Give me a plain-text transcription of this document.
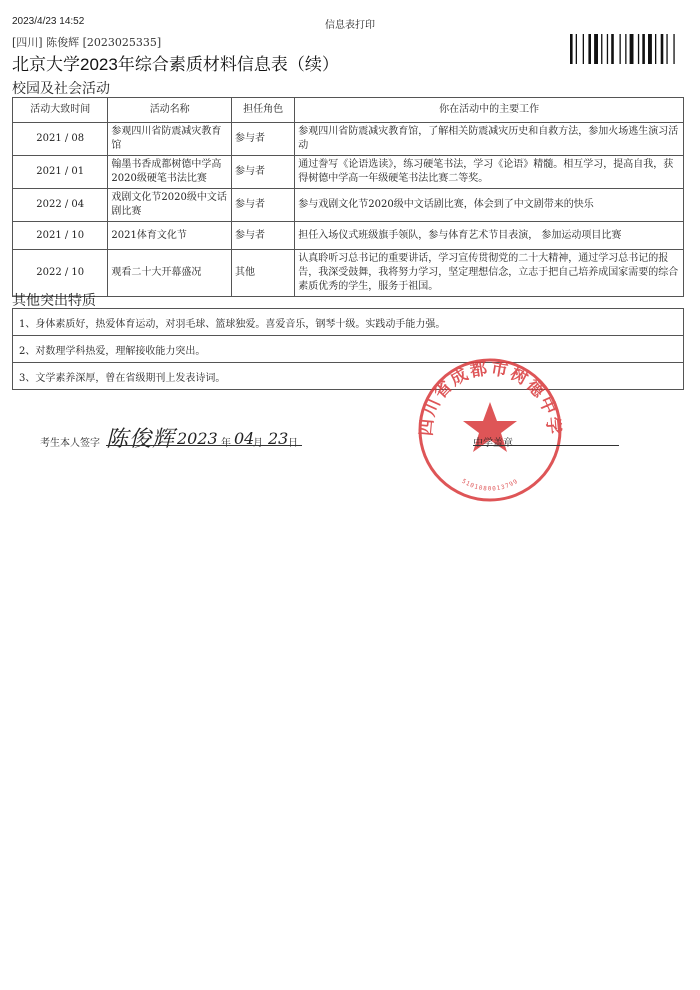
2023/4/23 14:52	信息表打印
[四川] 陈俊辉 [2023025335]
北京大学2023年综合素质材料信息表（续）
校园及社会活动
活动大致时间	活动名称	担任角色	你在活动中的主要工作
2021 / 08	参观四川省防震减灾教育馆	参与者	参观四川省防震减灾教育馆，了解相关防震减灾历史和自救方法，参加火场逃生演习活动
2021 / 01	翰墨书香成都树德中学高2020级硬笔书法比赛	参与者	通过誊写《论语选读》，练习硬笔书法，学习《论语》精髓。相互学习，提高自我，获得树德中学高一年级硬笔书法比赛二等奖。
2022 / 04	戏剧文化节2020级中文话剧比赛	参与者	参与戏剧文化节2020级中文话剧比赛，体会到了中文剧带来的快乐
2021 / 10	2021体育文化节	参与者	担任入场仪式班级旗手领队，参与体育艺术节目表演， 参加运动项目比赛
2022 / 10	观看二十大开幕盛况	其他	认真聆听习总书记的重要讲话，学习宣传贯彻党的二十大精神，通过学习总书记的报告，我深受鼓舞，我将努力学习，坚定理想信念，立志于把自己培养成国家需要的综合素质优秀的学生，服务于祖国。
其他突出特质
1、身体素质好，热爱体育运动，对羽毛球、篮球独爱。喜爱音乐，钢琴十级。实践动手能力强。
2、对数理学科热爱，理解接收能力突出。
3、文学素养深厚，曾在省级期刊上发表诗词。
四川省成都市树德中学
5101080013799
考生本人签字 陈俊辉 2023 年 04
月 23 日	中学盖章
